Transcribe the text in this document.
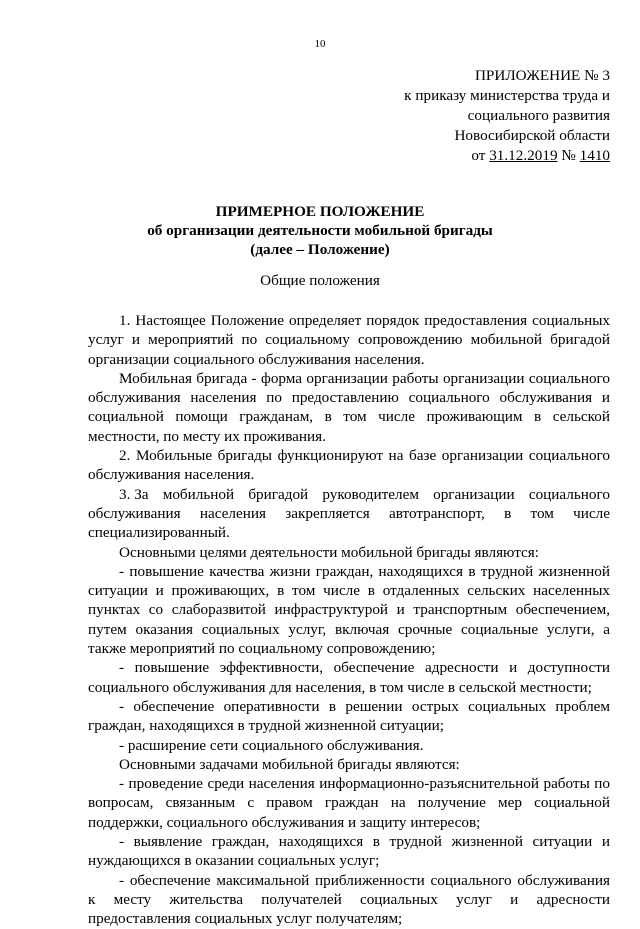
10
ПРИЛОЖЕНИЕ № 3
к приказу министерства труда и
социального развития
Новосибирской области
от 31.12.2019 № 1410
ПРИМЕРНОЕ ПОЛОЖЕНИЕ
об организации деятельности мобильной бригады
(далее – Положение)
Общие положения

1. Настоящее Положение определяет порядок предоставления социальных услуг и мероприятий по социальному сопровождению мобильной бригадой организации социального обслуживания населения.

Мобильная бригада - форма организации работы организации социального обслуживания населения по предоставлению социального обслуживания и социальной помощи гражданам, в том числе проживающим в сельской местности, по месту их проживания.

2. Мобильные бригады функционируют на базе организации социального обслуживания населения.

3. За мобильной бригадой руководителем организации социального
обслуживания населения закрепляется автотранспорт, в том числе
специализированный.

Основными целями деятельности мобильной бригады являются:

- повышение качества жизни граждан, находящихся в трудной жизненной ситуации и проживающих, в том числе в отдаленных сельских населенных пунктах со слаборазвитой инфраструктурой и транспортным обеспечением, путем оказания социальных услуг, включая срочные социальные услуги, а также мероприятий по социальному сопровождению;

- повышение эффективности, обеспечение адресности и доступности социального обслуживания для населения, в том числе в сельской местности;

- обеспечение оперативности в решении острых социальных проблем граждан, находящихся в трудной жизненной ситуации;

- расширение сети социального обслуживания.

Основными задачами мобильной бригады являются:

- проведение среди населения информационно-разъяснительной работы по вопросам, связанным с правом граждан на получение мер социальной поддержки, социального обслуживания и защиту интересов;

- выявление граждан, находящихся в трудной жизненной ситуации и нуждающихся в оказании социальных услуг;

- обеспечение максимальной приближенности социального обслуживания к месту жительства получателей социальных услуг и адресности предоставления социальных услуг получателям;
